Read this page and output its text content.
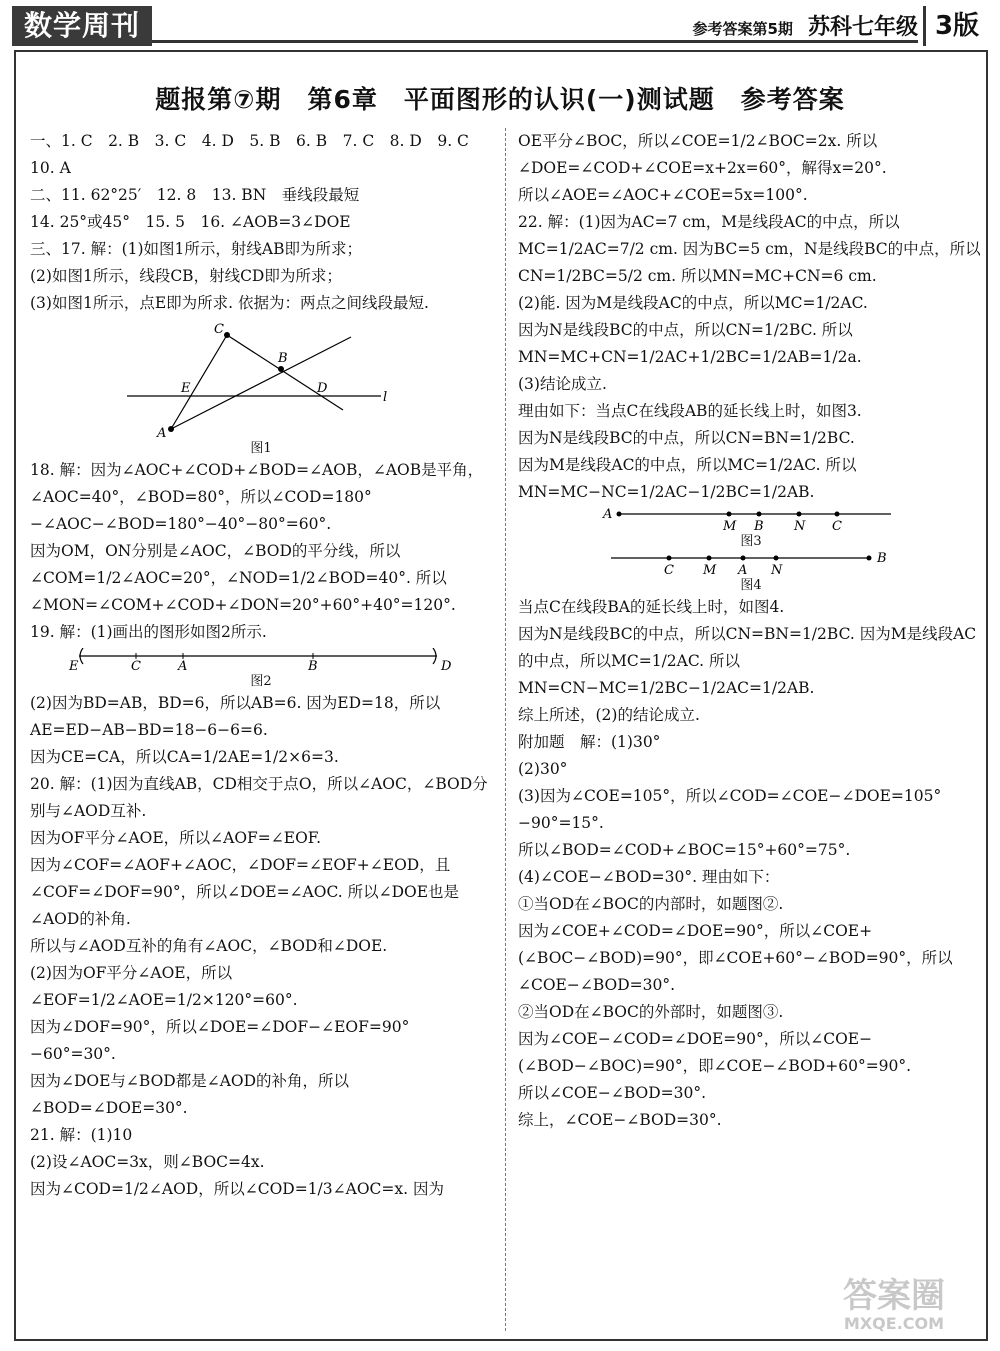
数学周刊	参考答案第5期 苏科七年级 3版
题报第⑦期　第6章　平面图形的认识(一)测试题　参考答案

一、1. C　2. B　3. C　4. D　5. B　6. B　7. C　8. D　9. C

10. A

二、11. 62°25′　12. 8　13. BN　垂线段最短

14. 25°或45°　15. 5　16. ∠AOB=3∠DOE

三、17. 解：(1)如图1所示，射线AB即为所求；

(2)如图1所示，线段CB，射线CD即为所求；

(3)如图1所示，点E即为所求. 依据为：两点之间线段最短.

C
B
E	D
l
A
图1

18. 解：因为∠AOC+∠COD+∠BOD=∠AOB，∠AOB是平角，∠AOC=40°，∠BOD=80°，所以∠COD=180°−∠AOC−∠BOD=180°−40°−80°=60°.

因为OM，ON分别是∠AOC，∠BOD的平分线，所以∠COM=1/2∠AOC=20°，∠NOD=1/2∠BOD=40°. 所以∠MON=∠COM+∠COD+∠DON=20°+60°+40°=120°.

19. 解：(1)画出的图形如图2所示.

E	C	A	B	D
图2

(2)因为BD=AB，BD=6，所以AB=6. 因为ED=18，所以AE=ED−AB−BD=18−6−6=6.

因为CE=CA，所以CA=1/2AE=1/2×6=3.

20. 解：(1)因为直线AB，CD相交于点O，所以∠AOC，∠BOD分别与∠AOD互补.

因为OF平分∠AOE，所以∠AOF=∠EOF.

因为∠COF=∠AOF+∠AOC，∠DOF=∠EOF+∠EOD，且∠COF=∠DOF=90°，所以∠DOE=∠AOC. 所以∠DOE也是∠AOD的补角.

所以与∠AOD互补的角有∠AOC，∠BOD和∠DOE.

(2)因为OF平分∠AOE，所以∠EOF=1/2∠AOE=1/2×120°=60°.

因为∠DOF=90°，所以∠DOE=∠DOF−∠EOF=90°−60°=30°.

因为∠DOE与∠BOD都是∠AOD的补角，所以∠BOD=∠DOE=30°.

21. 解：(1)10

(2)设∠AOC=3x，则∠BOC=4x.

因为∠COD=1/2∠AOD，所以∠COD=1/3∠AOC=x. 因为

OE平分∠BOC，所以∠COE=1/2∠BOC=2x. 所以∠DOE=∠COD+∠COE=x+2x=60°，解得x=20°.

所以∠AOE=∠AOC+∠COE=5x=100°.

22. 解：(1)因为AC=7 cm，M是线段AC的中点，所以MC=1/2AC=7/2 cm. 因为BC=5 cm，N是线段BC的中点，所以CN=1/2BC=5/2 cm. 所以MN=MC+CN=6 cm.

(2)能. 因为M是线段AC的中点，所以MC=1/2AC.

因为N是线段BC的中点，所以CN=1/2BC. 所以MN=MC+CN=1/2AC+1/2BC=1/2AB=1/2a.

(3)结论成立.

理由如下：当点C在线段AB的延长线上时，如图3.

因为N是线段BC的中点，所以CN=BN=1/2BC.

因为M是线段AC的中点，所以MC=1/2AC. 所以MN=MC−NC=1/2AC−1/2BC=1/2AB.

A
M B N C
图3
C M A N
B
图4

当点C在线段BA的延长线上时，如图4.

因为N是线段BC的中点，所以CN=BN=1/2BC. 因为M是线段AC的中点，所以MC=1/2AC. 所以MN=CN−MC=1/2BC−1/2AC=1/2AB.

综上所述，(2)的结论成立.

附加题　解：(1)30°

(2)30°

(3)因为∠COE=105°，所以∠COD=∠COE−∠DOE=105°−90°=15°.

所以∠BOD=∠COD+∠BOC=15°+60°=75°.

(4)∠COE−∠BOD=30°. 理由如下：

①当OD在∠BOC的内部时，如题图②.

因为∠COE+∠COD=∠DOE=90°，所以∠COE+(∠BOC−∠BOD)=90°，即∠COE+60°−∠BOD=90°，所以∠COE−∠BOD=30°.

②当OD在∠BOC的外部时，如题图③.

因为∠COE−∠COD=∠DOE=90°，所以∠COE−(∠BOD−∠BOC)=90°，即∠COE−∠BOD+60°=90°.

所以∠COE−∠BOD=30°.

综上，∠COE−∠BOD=30°.

答案圈
MXQE.COM
